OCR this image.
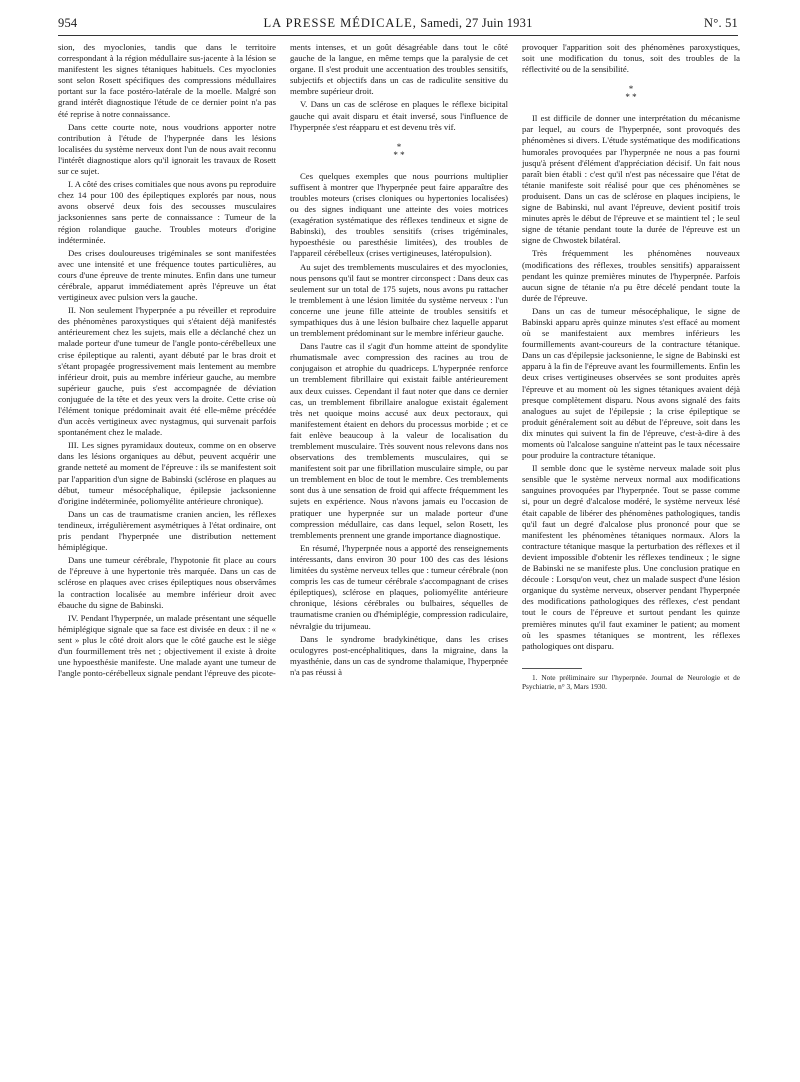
954	LA PRESSE MÉDICALE, Samedi, 27 Juin 1931	N°. 51

sion, des myoclonies, tandis que dans le territoire correspondant à la région médullaire sus-jacente à la lésion se manifestent les signes tétaniques habituels. Ces myoclonies sont selon Rosett spécifiques des compressions médullaires portant sur la face postéro-latérale de la moelle. Malgré son grand intérêt diagnostique l'étude de ce dernier point n'a pas été reprise à notre connaissance.

Dans cette courte note, nous voudrions apporter notre contribution à l'étude de l'hyperpnée dans les lésions localisées du système nerveux dont l'un de nous avait reconnu l'intérêt diagnostique alors qu'il ignorait les travaux de Rosett sur ce sujet.

I. A côté des crises comitiales que nous avons pu reproduire chez 14 pour 100 des épileptiques explorés par nous, nous avons observé deux fois des secousses musculaires jacksoniennes sans perte de connaissance : Tumeur de la région rolandique gauche. Troubles moteurs d'origine indéterminée.

Des crises douloureuses trigéminales se sont manifestées avec une intensité et une fréquence toutes particulières, au cours d'une épreuve de trente minutes. Enfin dans une tumeur cérébrale, apparut immédiatement après l'épreuve un état vertigineux avec pulsion vers la gauche.

II. Non seulement l'hyperpnée a pu réveiller et reproduire des phénomènes paroxystiques qui s'étaient déjà manifestés antérieurement chez les sujets, mais elle a déclanché chez un malade porteur d'une tumeur de l'angle ponto-cérébelleux une crise épileptique au ralenti, ayant débuté par le bras droit et s'étant propagée progressivement mais lentement au membre inférieur droit, puis au membre inférieur gauche, au membre supérieur gauche, puis s'est accompagnée de déviation conjuguée de la tête et des yeux vers la droite. Cette crise où l'élément tonique prédominait avait été elle-même précédée d'un accès vertigineux avec nystagmus, qui survenait parfois spontanément chez le malade.

III. Les signes pyramidaux douteux, comme on en observe dans les lésions organiques au début, peuvent acquérir une grande netteté au moment de l'épreuve : ils se manifestent soit par l'apparition d'un signe de Babinski (sclérose en plaques au début, tumeur mésocéphalique, épilepsie jacksonienne d'origine indéterminée, poliomyélite antérieure chronique).

Dans un cas de traumatisme cranien ancien, les réflexes tendineux, irrégulièrement asymétriques à l'état ordinaire, ont pris pendant l'hyperpnée une distribution nettement hémiplégique.

Dans une tumeur cérébrale, l'hypotonie fit place au cours de l'épreuve à une hypertonie très marquée. Dans un cas de sclérose en plaques avec crises épileptiques nous observâmes la contraction localisée au membre inférieur droit avec ébauche du signe de Babinski.

IV. Pendant l'hyperpnée, un malade présentant une séquelle hémiplégique signale que sa face est divisée en deux : il ne « sent » plus le côté droit alors que le côté gauche est le siège d'un fourmillement très net ; objectivement il existe à droite une hypoesthésie manifeste. Une malade ayant une tumeur de l'angle ponto-cérébelleux signale pendant l'épreuve des picote-

ments intenses, et un goût désagréable dans tout le côté gauche de la langue, en même temps que la paralysie de cet organe. Il s'est produit une accentuation des troubles sensitifs, subjectifs et objectifs dans un cas de radiculite sensitive du membre supérieur droit.

V. Dans un cas de sclérose en plaques le réflexe bicipital gauche qui avait disparu et était inversé, sous l'influence de l'hyperpnée s'est réapparu et est devenu très vif.

*
* *

Ces quelques exemples que nous pourrions multiplier suffisent à montrer que l'hyperpnée peut faire apparaître des troubles moteurs (crises cloniques ou hypertonies localisées) ou des signes indiquant une atteinte des voies motrices (exagération systématique des réflexes tendineux et signe de Babinski), des troubles sensitifs (crises trigéminales, hypoesthésie ou paresthésie limitées), des troubles de l'appareil cérébelleux (crises vertigineuses, latéropulsion).

Au sujet des tremblements musculaires et des myoclonies, nous pensons qu'il faut se montrer circonspect : Dans deux cas seulement sur un total de 175 sujets, nous avons pu rattacher le tremblement à une lésion limitée du système nerveux : l'un concerne une jeune fille atteinte de troubles sensitifs et sympathiques dus à une lésion bulbaire chez laquelle apparut un tremblement prédominant sur le membre inférieur gauche.

Dans l'autre cas il s'agit d'un homme atteint de spondylite rhumatismale avec compression des racines au trou de conjugaison et atrophie du quadriceps. L'hyperpnée renforce un tremblement fibrillaire qui existait faible antérieurement aux deux cuisses. Cependant il faut noter que dans ce dernier cas, un tremblement fibrillaire analogue existait également très net quoique moins accusé aux deux pectoraux, qui manifestement étaient en dehors du processus morbide ; et ce fait enlève beaucoup à la valeur de localisation du tremblement musculaire. Très souvent nous relevons dans nos observations des tremblements musculaires, qui se manifestent soit par une fibrillation musculaire simple, ou par un tremblement en bloc de tout le membre. Ces tremblements sont dus à une sensation de froid qui affecte fréquemment les sujets en expérience. Nous n'avons jamais eu l'occasion de pratiquer une hyperpnée sur un malade porteur d'une compression médullaire, cas dans lequel, selon Rosett, les tremblements prennent une grande importance diagnostique.

En résumé, l'hyperpnée nous a apporté des renseignements intéressants, dans environ 30 pour 100 des cas des lésions limitées du système nerveux telles que : tumeur cérébrale (non compris les cas de tumeur cérébrale s'accompagnant de crises épileptiques), sclérose en plaques, poliomyélite antérieure chronique, lésions cérébrales ou bulbaires, séquelles de traumatisme cranien ou d'hémiplégie, compression radiculaire, névralgie du trijumeau.

Dans le syndrome bradykinétique, dans les crises oculogyres post-encéphalitiques, dans la migraine, dans la myasthénie, dans un cas de syndrome thalamique, l'hyperpnée n'a pas réussi à

provoquer l'apparition soit des phénomènes paroxystiques, soit une modification du tonus, soit des troubles de la réflectivité ou de la sensibilité.

*
* *

Il est difficile de donner une interprétation du mécanisme par lequel, au cours de l'hyperpnée, sont provoqués des phénomènes si divers. L'étude systématique des modifications humorales provoquées par l'hyperpnée ne nous a pas fourni jusqu'à présent d'élément d'appréciation décisif. Un fait nous paraît bien établi : c'est qu'il n'est pas nécessaire que l'état de tétanie manifeste soit réalisé pour que ces phénomènes se produisent. Dans un cas de sclérose en plaques incipiens, le signe de Babinski, nul avant l'épreuve, devient positif trois minutes après le début de l'épreuve et se maintient tel ; le seul signe de tétanie pendant toute la durée de l'épreuve est un signe de Chwostek bilatéral.

Très fréquemment les phénomènes nouveaux (modifications des réflexes, troubles sensitifs) apparaissent pendant les quinze premières minutes de l'hyperpnée. Parfois aucun signe de tétanie n'a pu être décelé pendant toute la durée de l'épreuve.

Dans un cas de tumeur mésocéphalique, le signe de Babinski apparu après quinze minutes s'est effacé au moment où se manifestaient aux membres inférieurs les fourmillements avant-coureurs de la contracture tétanique. Dans un cas d'épilepsie jacksonienne, le signe de Babinski est apparu à la fin de l'épreuve avant les fourmillements. Enfin les deux crises vertigineuses observées se sont produites après l'épreuve et au moment où les signes tétaniques avaient déjà presque complètement disparu. Nous avons signalé des faits analogues au sujet de l'épilepsie ; la crise épileptique se produit généralement soit au début de l'épreuve, soit dans les dix minutes qui suivent la fin de l'épreuve, c'est-à-dire à des moments où l'alcalose sanguine n'atteint pas le taux nécessaire pour produire la contracture tétanique.

Il semble donc que le système nerveux malade soit plus sensible que le système nerveux normal aux modifications sanguines provoquées par l'hyperpnée. Tout se passe comme si, pour un degré d'alcalose modéré, le système nerveux lésé était capable de libérer des phénomènes pathologiques, tandis qu'il faut un degré d'alcalose plus prononcé pour que se manifestent les phénomènes tétaniques normaux. Alors la contracture tétanique masque la perturbation des réflexes et il devient impossible d'obtenir les réflexes tendineux ; le signe de Babinski ne se manifeste plus. Une conclusion pratique en découle : Lorsqu'on veut, chez un malade suspect d'une lésion organique du système nerveux, observer pendant l'hyperpnée des modifications pathologiques des réflexes, c'est pendant tout le cours de l'épreuve et surtout pendant les quinze premières minutes qu'il faut examiner le patient; au moment où les spasmes tétaniques se montrent, les réflexes pathologiques ont disparu.

1. Note préliminaire sur l'hyperpnée. Journal de Neurologie et de Psychiatrie, n° 3, Mars 1930.
